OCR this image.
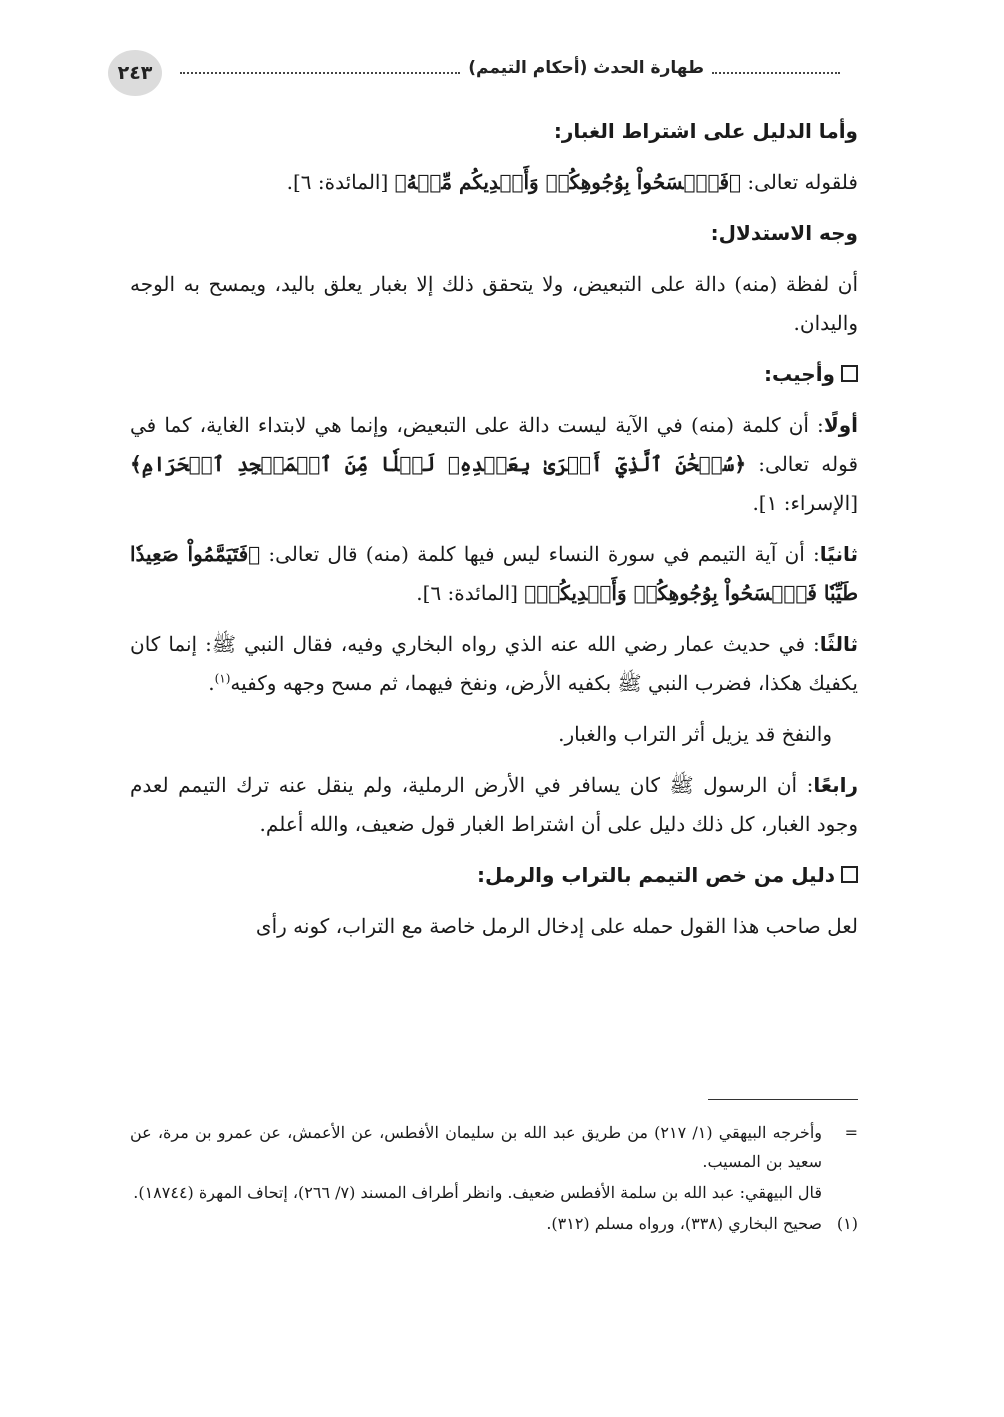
٢٤٣	طهارة الحدث (أحكام التيمم)
وأما الدليل على اشتراط الغبار:

فلقوله تعالى: ﴿فَٱمۡسَحُواْ بِوُجُوهِكُمۡ وَأَيۡدِيكُم مِّنۡهُ﴾ [المائدة: ٦].

وجه الاستدلال:

أن لفظة (منه) دالة على التبعيض، ولا يتحقق ذلك إلا بغبار يعلق باليد، ويمسح به الوجه واليدان.

وأجيب:

أولًا: أن كلمة (منه) في الآية ليست دالة على التبعيض، وإنما هي لابتداء الغاية، كما في قوله تعالى: ﴿سُبۡحَٰنَ ٱلَّذِيٓ أَسۡرَىٰ بِعَبۡدِهِۦ لَيۡلٗا مِّنَ ٱلۡمَسۡجِدِ ٱلۡحَرَامِ﴾ [الإسراء: ١].

ثانيًا: أن آية التيمم في سورة النساء ليس فيها كلمة (منه) قال تعالى: ﴿فَتَيَمَّمُواْ صَعِيدٗا طَيِّبٗا فَٱمۡسَحُواْ بِوُجُوهِكُمۡ وَأَيۡدِيكُمۡ﴾ [المائدة: ٦].

ثالثًا: في حديث عمار رضي الله عنه الذي رواه البخاري وفيه، فقال النبي ﷺ: إنما كان يكفيك هكذا، فضرب النبي ﷺ بكفيه الأرض، ونفخ فيهما، ثم مسح وجهه وكفيه$^{(١)}$.

والنفخ قد يزيل أثر التراب والغبار.

رابعًا: أن الرسول ﷺ كان يسافر في الأرض الرملية، ولم ينقل عنه ترك التيمم لعدم وجود الغبار، كل ذلك دليل على أن اشتراط الغبار قول ضعيف، والله أعلم.

دليل من خص التيمم بالتراب والرمل:

لعل صاحب هذا القول حمله على إدخال الرمل خاصة مع التراب، كونه رأى

=
وأخرجه البيهقي (١/ ٢١٧) من طريق عبد الله بن سليمان الأفطس، عن الأعمش، عن عمرو بن مرة، عن سعيد بن المسيب.

قال البيهقي: عبد الله بن سلمة الأفطس ضعيف. وانظر أطراف المسند (٧/ ٢٦٦)، إتحاف المهرة (١٨٧٤٤).

(١)
صحيح البخاري (٣٣٨)، ورواه مسلم (٣١٢).
